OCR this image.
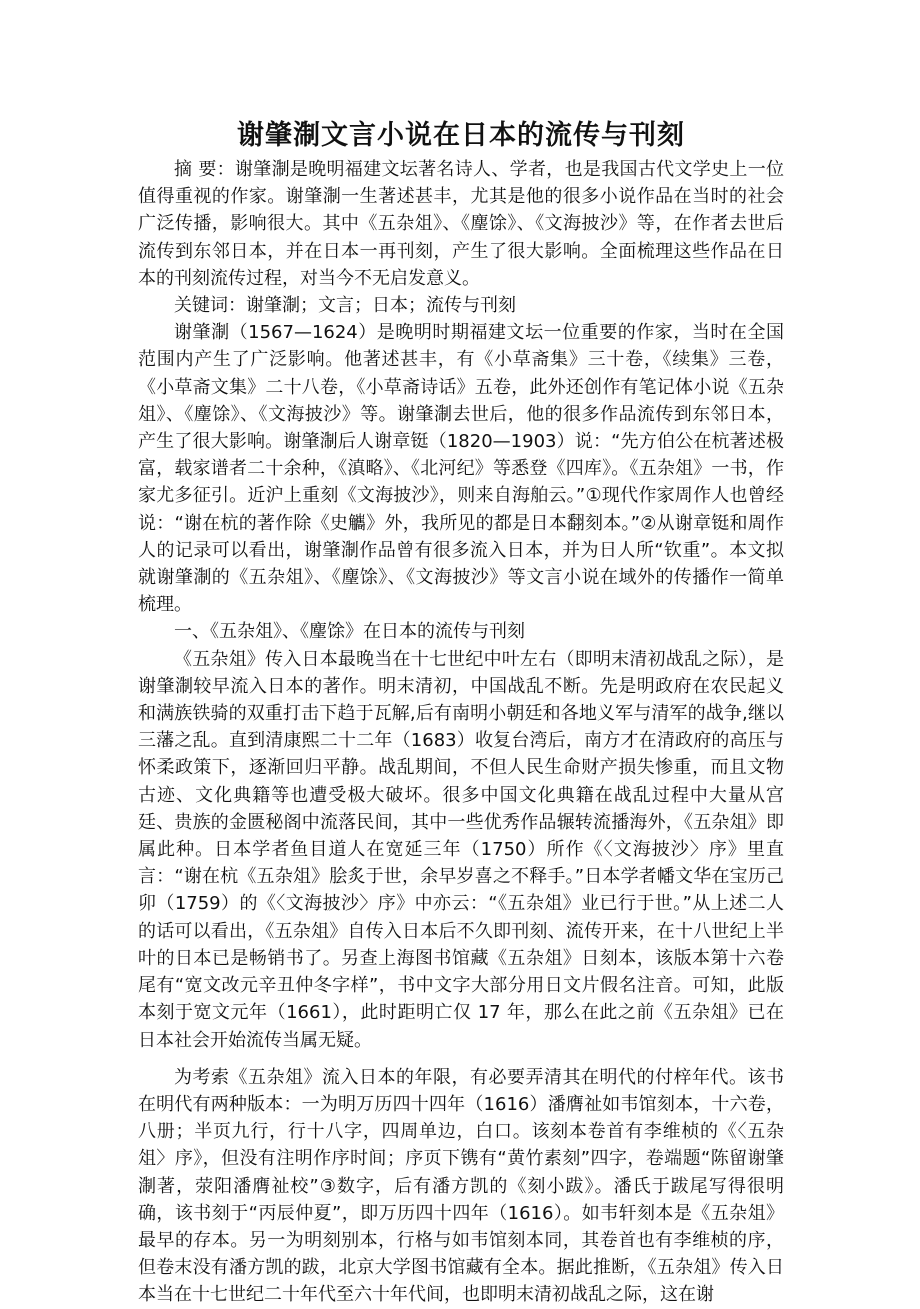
谢肇淛文言小说在日本的流传与刊刻

摘 要：谢肇淛是晚明福建文坛著名诗人、学者，也是我国古代文学史上一位值得重视的作家。谢肇淛一生著述甚丰，尤其是他的很多小说作品在当时的社会广泛传播，影响很大。其中《五杂俎》、《麈馀》、《文海披沙》等，在作者去世后流传到东邻日本，并在日本一再刊刻，产生了很大影响。全面梳理这些作品在日本的刊刻流传过程，对当今不无启发意义。

关键词：谢肇淛；文言；日本；流传与刊刻

谢肇淛（1567—1624）是晚明时期福建文坛一位重要的作家，当时在全国范围内产生了广泛影响。他著述甚丰，有《小草斋集》三十卷，《续集》三卷，《小草斋文集》二十八卷，《小草斋诗话》五卷，此外还创作有笔记体小说《五杂俎》、《麈馀》、《文海披沙》等。谢肇淛去世后，他的很多作品流传到东邻日本，产生了很大影响。谢肇淛后人谢章铤（1820—1903）说：“先方伯公在杭著述极富，载家谱者二十余种，《滇略》、《北河纪》等悉登《四库》。《五杂俎》一书，作家尤多征引。近沪上重刻《文海披沙》，则来自海舶云。”①现代作家周作人也曾经说：“谢在杭的著作除《史觿》外，我所见的都是日本翻刻本。”②从谢章铤和周作人的记录可以看出，谢肇淛作品曾有很多流入日本，并为日人所“钦重”。本文拟就谢肇淛的《五杂俎》、《麈馀》、《文海披沙》等文言小说在域外的传播作一简单梳理。

一、《五杂俎》、《麈馀》在日本的流传与刊刻

《五杂俎》传入日本最晚当在十七世纪中叶左右（即明末清初战乱之际），是谢肇淛较早流入日本的著作。明末清初，中国战乱不断。先是明政府在农民起义和满族铁骑的双重打击下趋于瓦解,后有南明小朝廷和各地义军与清军的战争,继以三藩之乱。直到清康熙二十二年（1683）收复台湾后，南方才在清政府的高压与怀柔政策下，逐渐回归平静。战乱期间，不但人民生命财产损失惨重，而且文物古迹、文化典籍等也遭受极大破坏。很多中国文化典籍在战乱过程中大量从宫廷、贵族的金匮秘阁中流落民间，其中一些优秀作品辗转流播海外，《五杂俎》即属此种。日本学者鱼目道人在宽延三年（1750）所作《〈文海披沙〉序》里直言：“谢在杭《五杂俎》脍炙于世，余早岁喜之不释手。”日本学者幡文华在宝历己卯（1759）的《〈文海披沙〉序》中亦云：“《五杂俎》业已行于世。”从上述二人的话可以看出，《五杂俎》自传入日本后不久即刊刻、流传开来，在十八世纪上半叶的日本已是畅销书了。另查上海图书馆藏《五杂俎》日刻本，该版本第十六卷尾有“宽文改元辛丑仲冬字样”，书中文字大部分用日文片假名注音。可知，此版本刻于宽文元年（1661），此时距明亡仅 17 年，那么在此之前《五杂俎》已在日本社会开始流传当属无疑。

为考索《五杂俎》流入日本的年限，有必要弄清其在明代的付梓年代。该书在明代有两种版本：一为明万历四十四年（1616）潘膺祉如韦馆刻本，十六卷，八册；半页九行，行十八字，四周单边，白口。该刻本卷首有李维桢的《〈五杂俎〉序》，但没有注明作序时间；序页下镌有“黄竹素刻”四字，卷端题“陈留谢肇淛著，荥阳潘膺祉校”③数字，后有潘方凯的《刻小跋》。潘氏于跋尾写得很明确，该书刻于“丙辰仲夏”，即万历四十四年（1616）。如韦轩刻本是《五杂俎》最早的存本。另一为明刻别本，行格与如韦馆刻本同，其卷首也有李维桢的序，但卷末没有潘方凯的跋，北京大学图书馆藏有全本。据此推断，《五杂俎》传入日本当在十七世纪二十年代至六十年代间，也即明末清初战乱之际，这在谢
